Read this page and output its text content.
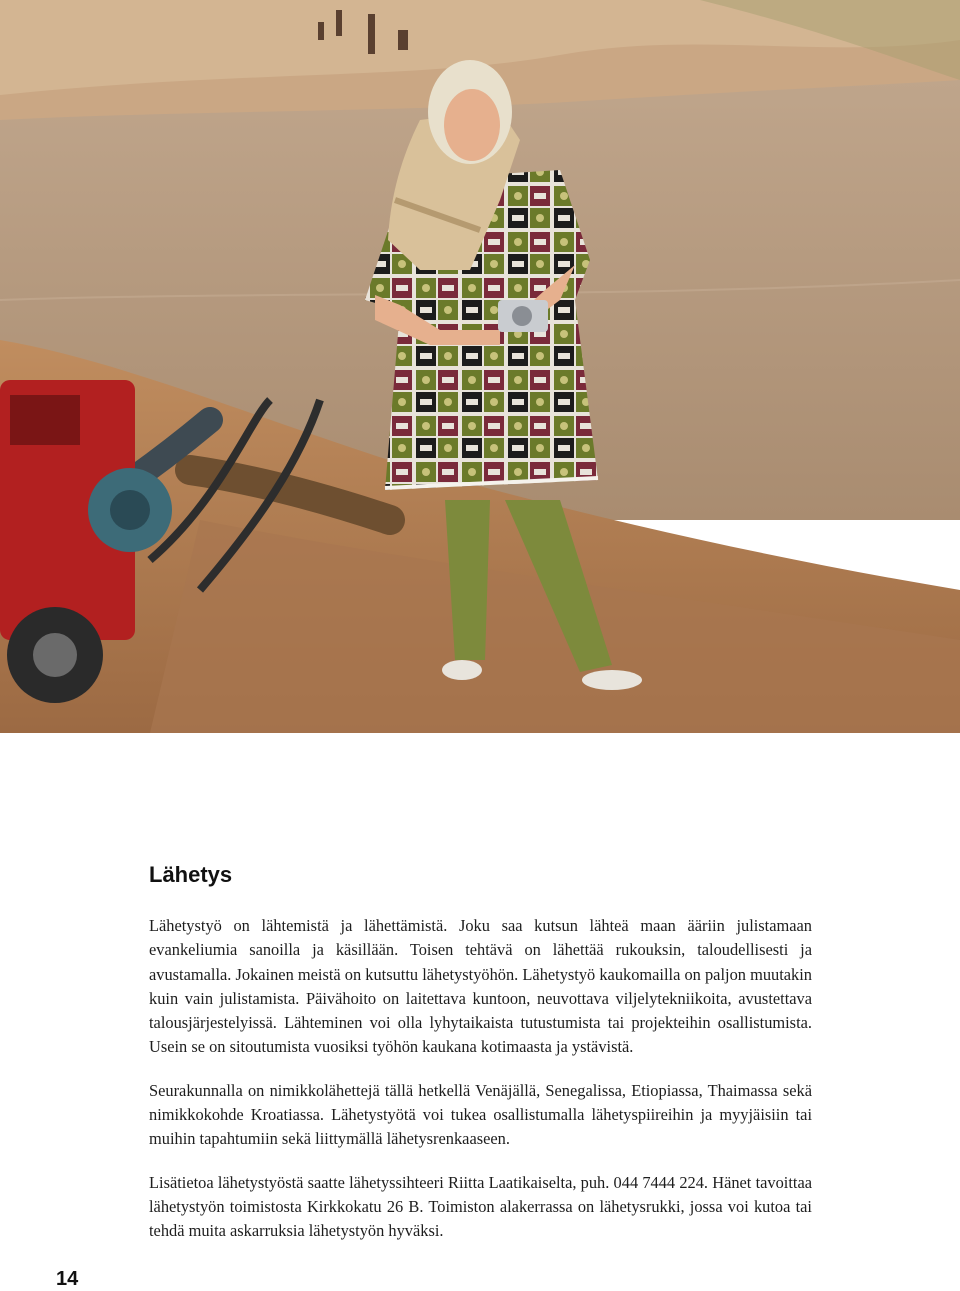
Lähetys

Lähetystyö on lähtemistä ja lähettämistä. Joku saa kutsun lähteä maan ääriin julistamaan evankeliumia sanoilla ja käsillään. Toisen tehtävä on lähettää rukouksin, taloudellisesti ja avustamalla. Jokainen meistä on kutsuttu lähetystyöhön. Lähetystyö kaukomailla on paljon muutakin kuin vain julistamista. Päivähoito on laitettava kuntoon, neuvottava viljelytekniikoita, avustettava talousjärjestelyissä. Lähteminen voi olla lyhytaikaista tutustumista tai projekteihin osallistumista. Usein se on sitoutumista vuosiksi työhön kaukana kotimaasta ja ystävistä.

Seurakunnalla on nimikkolähettejä tällä hetkellä Venäjällä, Senegalissa, Etiopiassa, Thaimassa sekä nimikkokohde Kroatiassa. Lähetystyötä voi tukea osallistumalla lähetyspiireihin ja myyjäisiin tai muihin tapahtumiin sekä liittymällä lähetysrenkaaseen.

Lisätietoa lähetystyöstä saatte lähetyssihteeri Riitta Laatikaiselta, puh. 044 7444 224. Hänet tavoittaa lähetystyön toimistosta Kirkkokatu 26 B. Toimiston alakerrassa on lähetysrukki, jossa voi kutoa tai tehdä muita askarruksia lähetystyön hyväksi.

14
